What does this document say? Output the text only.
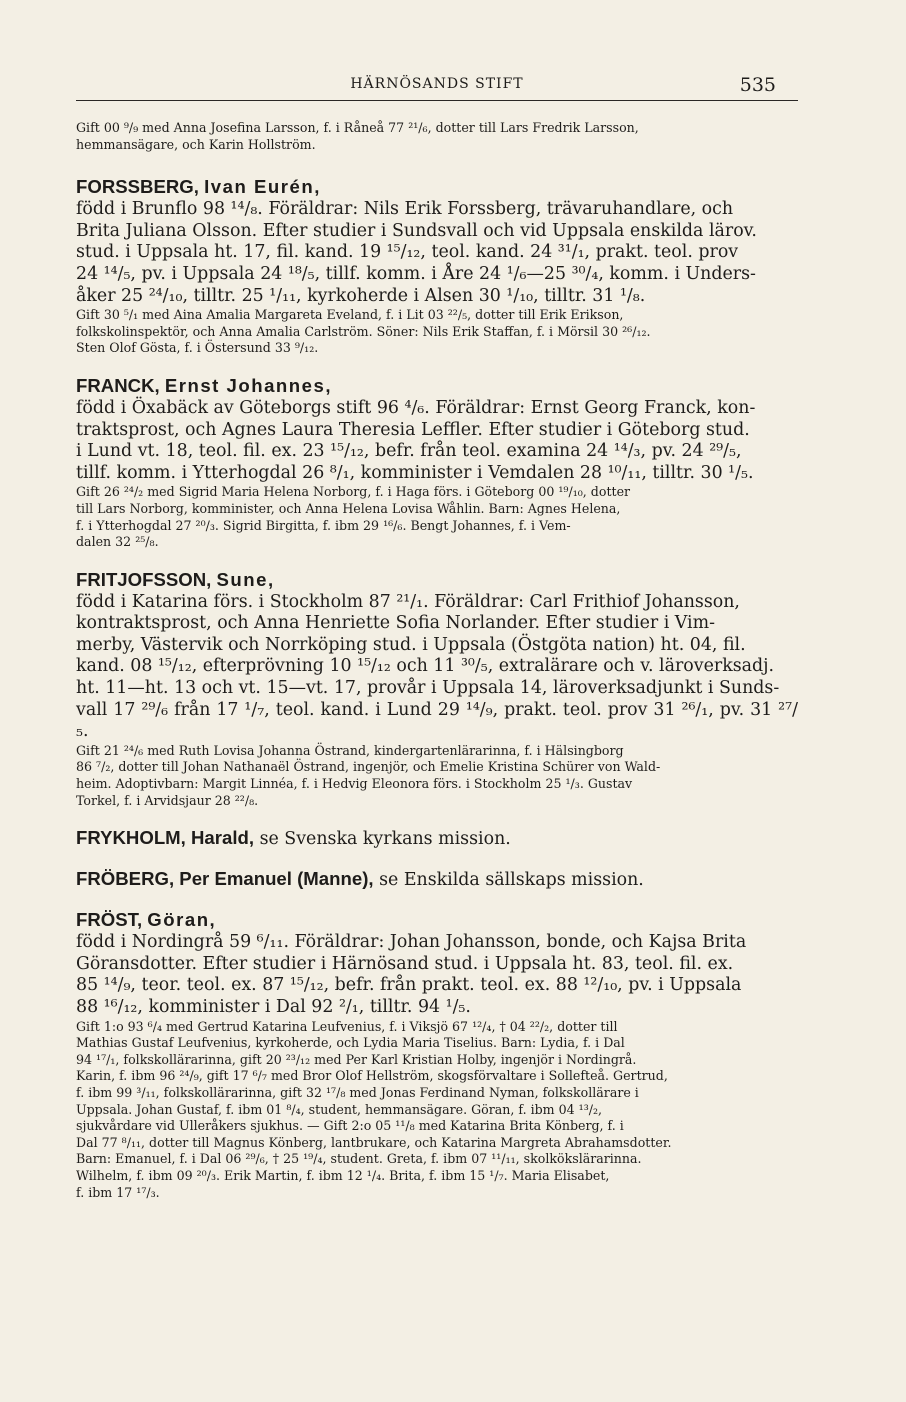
HÄRNÖSANDS STIFT	535

Gift 00 ⁹/₉ med Anna Josefina Larsson, f. i Råneå 77 ²¹/₆, dotter till Lars Fredrik Larsson,
hemmansägare, och Karin Hollström.

FORSSBERG, Ivan Eurén,

född i Brunflo 98 ¹⁴/₈. Föräldrar: Nils Erik Forssberg, trävaruhandlare, och
Brita Juliana Olsson. Efter studier i Sundsvall och vid Uppsala enskilda lärov.
stud. i Uppsala ht. 17, fil. kand. 19 ¹⁵/₁₂, teol. kand. 24 ³¹/₁, prakt. teol. prov
24 ¹⁴/₅, pv. i Uppsala 24 ¹⁸/₅, tillf. komm. i Åre 24 ¹/₆—25 ³⁰/₄, komm. i Unders-
åker 25 ²⁴/₁₀, tilltr. 25 ¹/₁₁, kyrkoherde i Alsen 30 ¹/₁₀, tilltr. 31 ¹/₈.

Gift 30 ⁵/₁ med Aina Amalia Margareta Eveland, f. i Lit 03 ²²/₅, dotter till Erik Erikson,
folkskolinspektör, och Anna Amalia Carlström. Söner: Nils Erik Staffan, f. i Mörsil 30 ²⁶/₁₂.
Sten Olof Gösta, f. i Östersund 33 ⁹/₁₂.

FRANCK, Ernst Johannes,

född i Öxabäck av Göteborgs stift 96 ⁴/₆. Föräldrar: Ernst Georg Franck, kon-
traktsprost, och Agnes Laura Theresia Leffler. Efter studier i Göteborg stud.
i Lund vt. 18, teol. fil. ex. 23 ¹⁵/₁₂, befr. från teol. examina 24 ¹⁴/₃, pv. 24 ²⁹/₅,
tillf. komm. i Ytterhogdal 26 ⁸/₁, komminister i Vemdalen 28 ¹⁰/₁₁, tilltr. 30 ¹/₅.

Gift 26 ²⁴/₂ med Sigrid Maria Helena Norborg, f. i Haga förs. i Göteborg 00 ¹⁹/₁₀, dotter
till Lars Norborg, komminister, och Anna Helena Lovisa Wåhlin. Barn: Agnes Helena,
f. i Ytterhogdal 27 ²⁰/₃. Sigrid Birgitta, f. ibm 29 ¹⁶/₆. Bengt Johannes, f. i Vem-
dalen 32 ²⁵/₈.

FRITJOFSSON, Sune,

född i Katarina förs. i Stockholm 87 ²¹/₁. Föräldrar: Carl Frithiof Johansson,
kontraktsprost, och Anna Henriette Sofia Norlander. Efter studier i Vim-
merby, Västervik och Norrköping stud. i Uppsala (Östgöta nation) ht. 04, fil.
kand. 08 ¹⁵/₁₂, efterprövning 10 ¹⁵/₁₂ och 11 ³⁰/₅, extralärare och v. läroverksadj.
ht. 11—ht. 13 och vt. 15—vt. 17, provår i Uppsala 14, läroverksadjunkt i Sunds-
vall 17 ²⁹/₆ från 17 ¹/₇, teol. kand. i Lund 29 ¹⁴/₉, prakt. teol. prov 31 ²⁶/₁, pv. 31 ²⁷/₅.

Gift 21 ²⁴/₆ med Ruth Lovisa Johanna Östrand, kindergartenlärarinna, f. i Hälsingborg
86 ⁷/₂, dotter till Johan Nathanaël Östrand, ingenjör, och Emelie Kristina Schürer von Wald-
heim. Adoptivbarn: Margit Linnéa, f. i Hedvig Eleonora förs. i Stockholm 25 ¹/₃. Gustav
Torkel, f. i Arvidsjaur 28 ²²/₈.

FRYKHOLM, Harald, se Svenska kyrkans mission.
FRÖBERG, Per Emanuel (Manne), se Enskilda sällskaps mission.
FRÖST, Göran,

född i Nordingrå 59 ⁶/₁₁. Föräldrar: Johan Johansson, bonde, och Kajsa Brita
Göransdotter. Efter studier i Härnösand stud. i Uppsala ht. 83, teol. fil. ex.
85 ¹⁴/₉, teor. teol. ex. 87 ¹⁵/₁₂, befr. från prakt. teol. ex. 88 ¹²/₁₀, pv. i Uppsala
88 ¹⁶/₁₂, komminister i Dal 92 ²/₁, tilltr. 94 ¹/₅.

Gift 1:o 93 ⁶/₄ med Gertrud Katarina Leufvenius, f. i Viksjö 67 ¹²/₄, † 04 ²²/₂, dotter till
Mathias Gustaf Leufvenius, kyrkoherde, och Lydia Maria Tiselius. Barn: Lydia, f. i Dal
94 ¹⁷/₁, folkskollärarinna, gift 20 ²³/₁₂ med Per Karl Kristian Holby, ingenjör i Nordingrå.
Karin, f. ibm 96 ²⁴/₉, gift 17 ⁶/₇ med Bror Olof Hellström, skogsförvaltare i Sollefteå. Gertrud,
f. ibm 99 ³/₁₁, folkskollärarinna, gift 32 ¹⁷/₈ med Jonas Ferdinand Nyman, folkskollärare i
Uppsala. Johan Gustaf, f. ibm 01 ⁸/₄, student, hemmansägare. Göran, f. ibm 04 ¹³/₂,
sjukvårdare vid Ulleråkers sjukhus. — Gift 2:o 05 ¹¹/₈ med Katarina Brita Könberg, f. i
Dal 77 ⁸/₁₁, dotter till Magnus Könberg, lantbrukare, och Katarina Margreta Abrahamsdotter.
Barn: Emanuel, f. i Dal 06 ²⁹/₆, † 25 ¹⁹/₄, student. Greta, f. ibm 07 ¹¹/₁₁, skolkökslärarinna.
Wilhelm, f. ibm 09 ²⁰/₃. Erik Martin, f. ibm 12 ¹/₄. Brita, f. ibm 15 ¹/₇. Maria Elisabet,
f. ibm 17 ¹⁷/₃.
